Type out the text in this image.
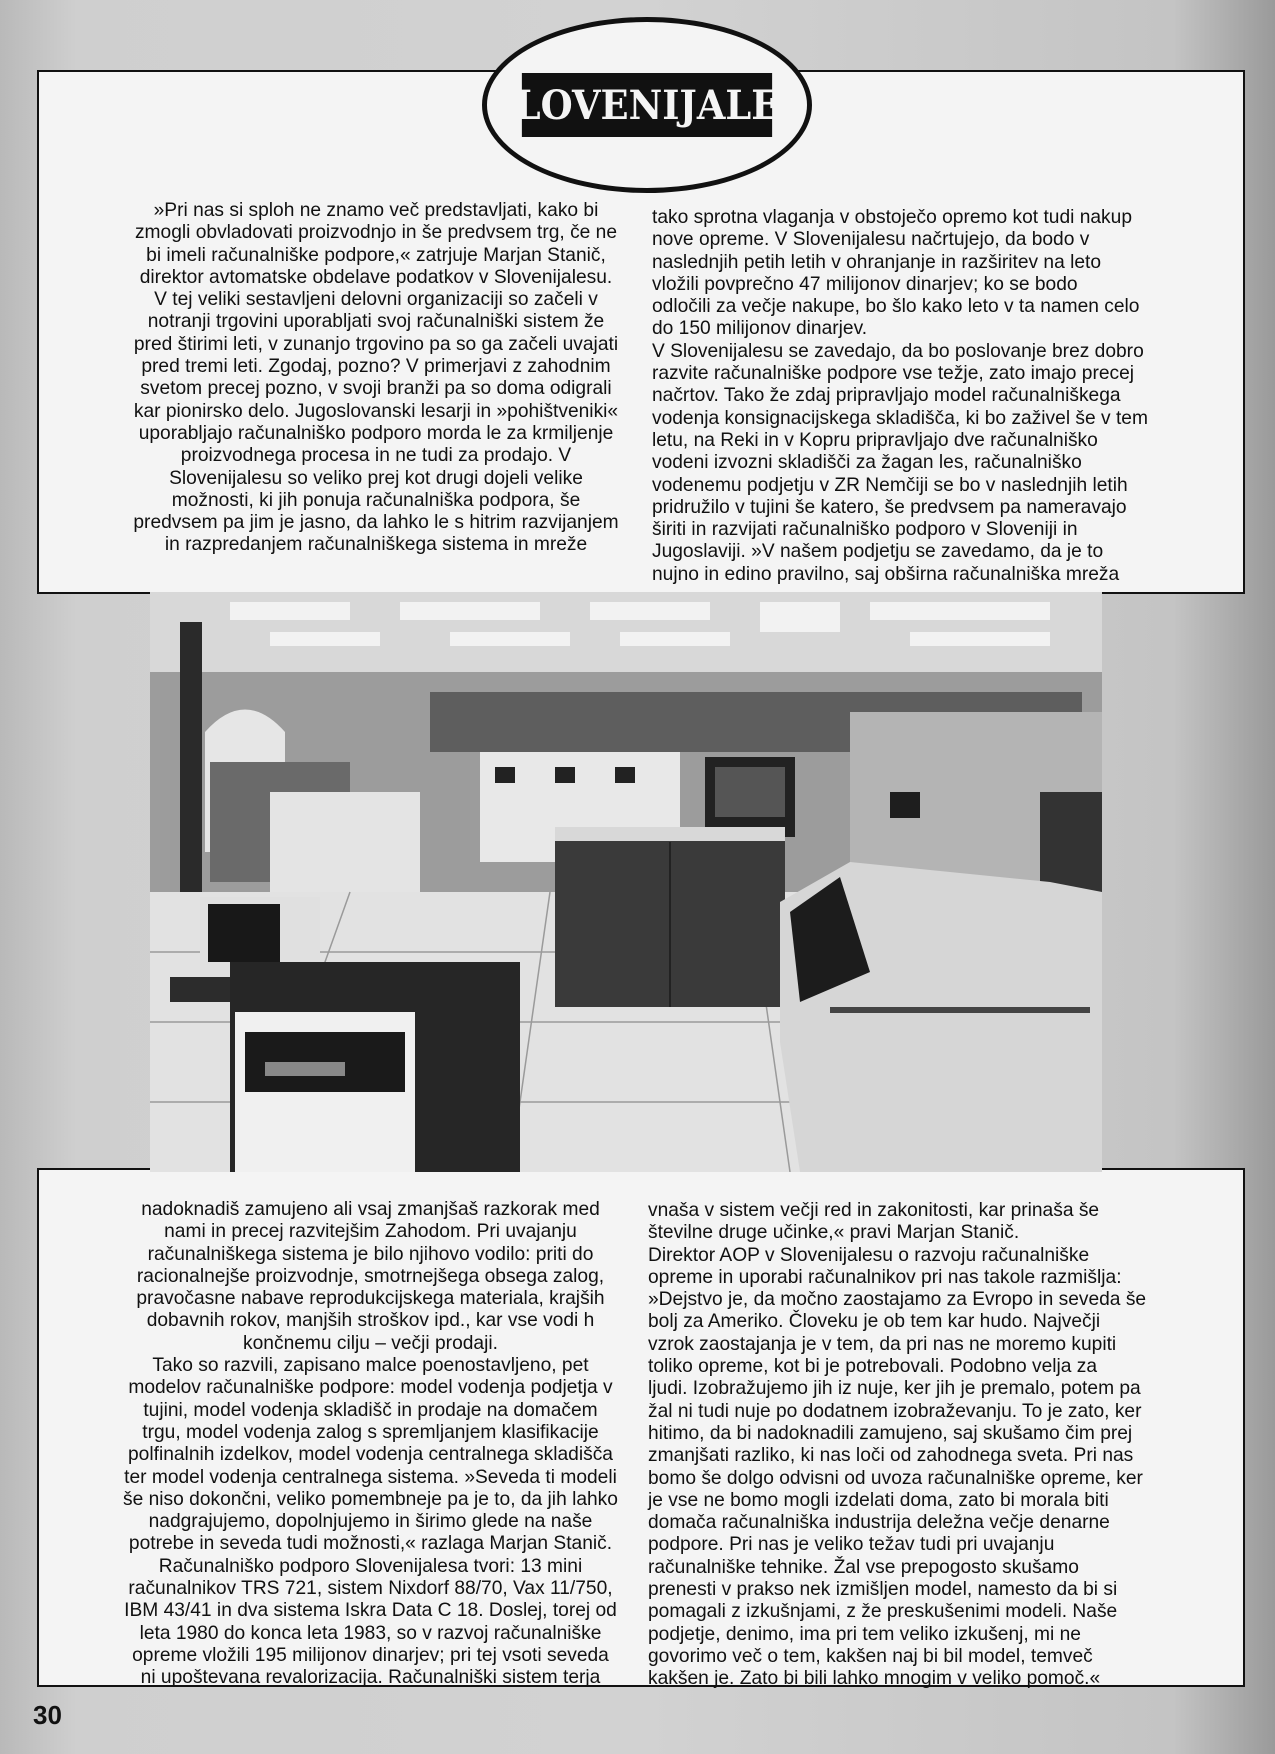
SLOVENIJALES
»Pri nas si sploh ne znamo več predstavljati, kako bi
zmogli obvladovati proizvodnjo in še predvsem trg, če ne
bi imeli računalniške podpore,« zatrjuje Marjan Stanič,
direktor avtomatske obdelave podatkov v Slovenijalesu.
V tej veliki sestavljeni delovni organizaciji so začeli v
notranji trgovini uporabljati svoj računalniški sistem že
pred štirimi leti, v zunanjo trgovino pa so ga začeli uvajati
pred tremi leti. Zgodaj, pozno? V primerjavi z zahodnim
svetom precej pozno, v svoji branži pa so doma odigrali
kar pionirsko delo. Jugoslovanski lesarji in »pohištveniki«
uporabljajo računalniško podporo morda le za krmiljenje
proizvodnega procesa in ne tudi za prodajo. V
Slovenijalesu so veliko prej kot drugi dojeli velike
možnosti, ki jih ponuja računalniška podpora, še
predvsem pa jim je jasno, da lahko le s hitrim razvijanjem
in razpredanjem računalniškega sistema in mreže
tako sprotna vlaganja v obstoječo opremo kot tudi nakup
nove opreme. V Slovenijalesu načrtujejo, da bodo v
naslednjih petih letih v ohranjanje in razširitev na leto
vložili povprečno 47 milijonov dinarjev; ko se bodo
odločili za večje nakupe, bo šlo kako leto v ta namen celo
do 150 milijonov dinarjev.
V Slovenijalesu se zavedajo, da bo poslovanje brez dobro
razvite računalniške podpore vse težje, zato imajo precej
načrtov. Tako že zdaj pripravljajo model računalniškega
vodenja konsignacijskega skladišča, ki bo zaživel še v tem
letu, na Reki in v Kopru pripravljajo dve računalniško
vodeni izvozni skladišči za žagan les, računalniško
vodenemu podjetju v ZR Nemčiji se bo v naslednjih letih
pridružilo v tujini še katero, še predvsem pa nameravajo
širiti in razvijati računalniško podporo v Sloveniji in
Jugoslaviji. »V našem podjetju se zavedamo, da je to
nujno in edino pravilno, saj obširna računalniška mreža
nadoknadiš zamujeno ali vsaj zmanjšaš razkorak med
nami in precej razvitejšim Zahodom. Pri uvajanju
računalniškega sistema je bilo njihovo vodilo: priti do
racionalnejše proizvodnje, smotrnejšega obsega zalog,
pravočasne nabave reprodukcijskega materiala, krajših
dobavnih rokov, manjših stroškov ipd., kar vse vodi h
končnemu cilju – večji prodaji.
Tako so razvili, zapisano malce poenostavljeno, pet
modelov računalniške podpore: model vodenja podjetja v
tujini, model vodenja skladišč in prodaje na domačem
trgu, model vodenja zalog s spremljanjem klasifikacije
polfinalnih izdelkov, model vodenja centralnega skladišča
ter model vodenja centralnega sistema. »Seveda ti modeli
še niso dokončni, veliko pomembneje pa je to, da jih lahko
nadgrajujemo, dopolnjujemo in širimo glede na naše
potrebe in seveda tudi možnosti,« razlaga Marjan Stanič.
Računalniško podporo Slovenijalesa tvori: 13 mini
računalnikov TRS 721, sistem Nixdorf 88/70, Vax 11/750,
IBM 43/41 in dva sistema Iskra Data C 18. Doslej, torej od
leta 1980 do konca leta 1983, so v razvoj računalniške
opreme vložili 195 milijonov dinarjev; pri tej vsoti seveda
ni upoštevana revalorizacija. Računalniški sistem terja
vnaša v sistem večji red in zakonitosti, kar prinaša še
številne druge učinke,« pravi Marjan Stanič.
Direktor AOP v Slovenijalesu o razvoju računalniške
opreme in uporabi računalnikov pri nas takole razmišlja:
»Dejstvo je, da močno zaostajamo za Evropo in seveda še
bolj za Ameriko. Človeku je ob tem kar hudo. Največji
vzrok zaostajanja je v tem, da pri nas ne moremo kupiti
toliko opreme, kot bi je potrebovali. Podobno velja za
ljudi. Izobražujemo jih iz nuje, ker jih je premalo, potem pa
žal ni tudi nuje po dodatnem izobraževanju. To je zato, ker
hitimo, da bi nadoknadili zamujeno, saj skušamo čim prej
zmanjšati razliko, ki nas loči od zahodnega sveta. Pri nas
bomo še dolgo odvisni od uvoza računalniške opreme, ker
je vse ne bomo mogli izdelati doma, zato bi morala biti
domača računalniška industrija deležna večje denarne
podpore. Pri nas je veliko težav tudi pri uvajanju
računalniške tehnike. Žal vse prepogosto skušamo
prenesti v prakso nek izmišljen model, namesto da bi si
pomagali z izkušnjami, z že preskušenimi modeli. Naše
podjetje, denimo, ima pri tem veliko izkušenj, mi ne
govorimo več o tem, kakšen naj bi bil model, temveč
kakšen je. Zato bi bili lahko mnogim v veliko pomoč.«
30
